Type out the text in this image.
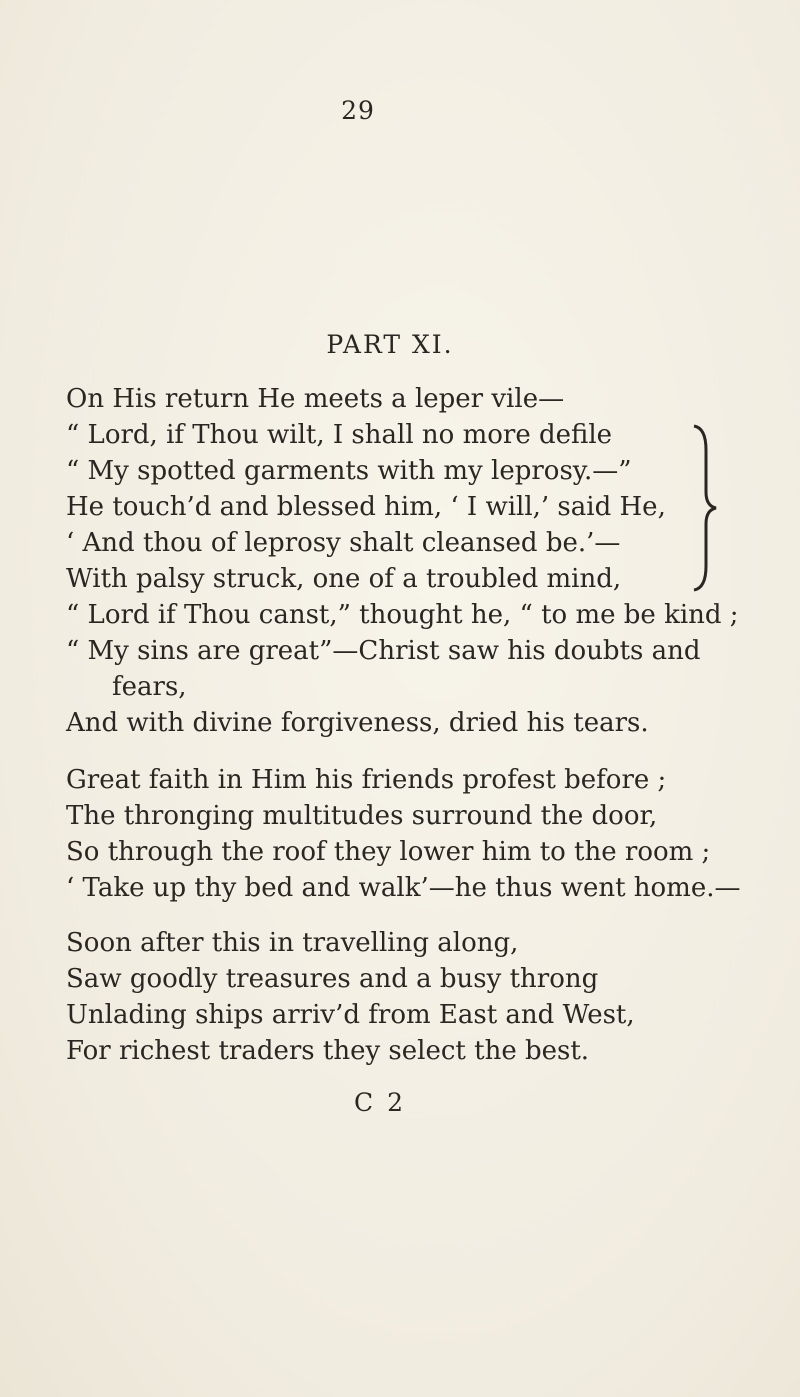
29
PART XI.
On His return He meets a leper vile—
“ Lord, if Thou wilt, I shall no more defile
“ My spotted garments with my leprosy.—”
He touch’d and blessed him, ‘ I will,’ said He,
‘ And thou of leprosy shalt cleansed be.’—
With palsy struck, one of a troubled mind,
“ Lord if Thou canst,” thought he, “ to me be kind ;
“ My sins are great”—Christ saw his doubts and
fears,
And with divine forgiveness, dried his tears.
Great faith in Him his friends profest before ;
The thronging multitudes surround the door,
So through the roof they lower him to the room ;
‘ Take up thy bed and walk’—he thus went home.—
Soon after this in travelling along,
Saw goodly treasures and a busy throng
Unlading ships arriv’d from East and West,
For richest traders they select the best.
C 2
